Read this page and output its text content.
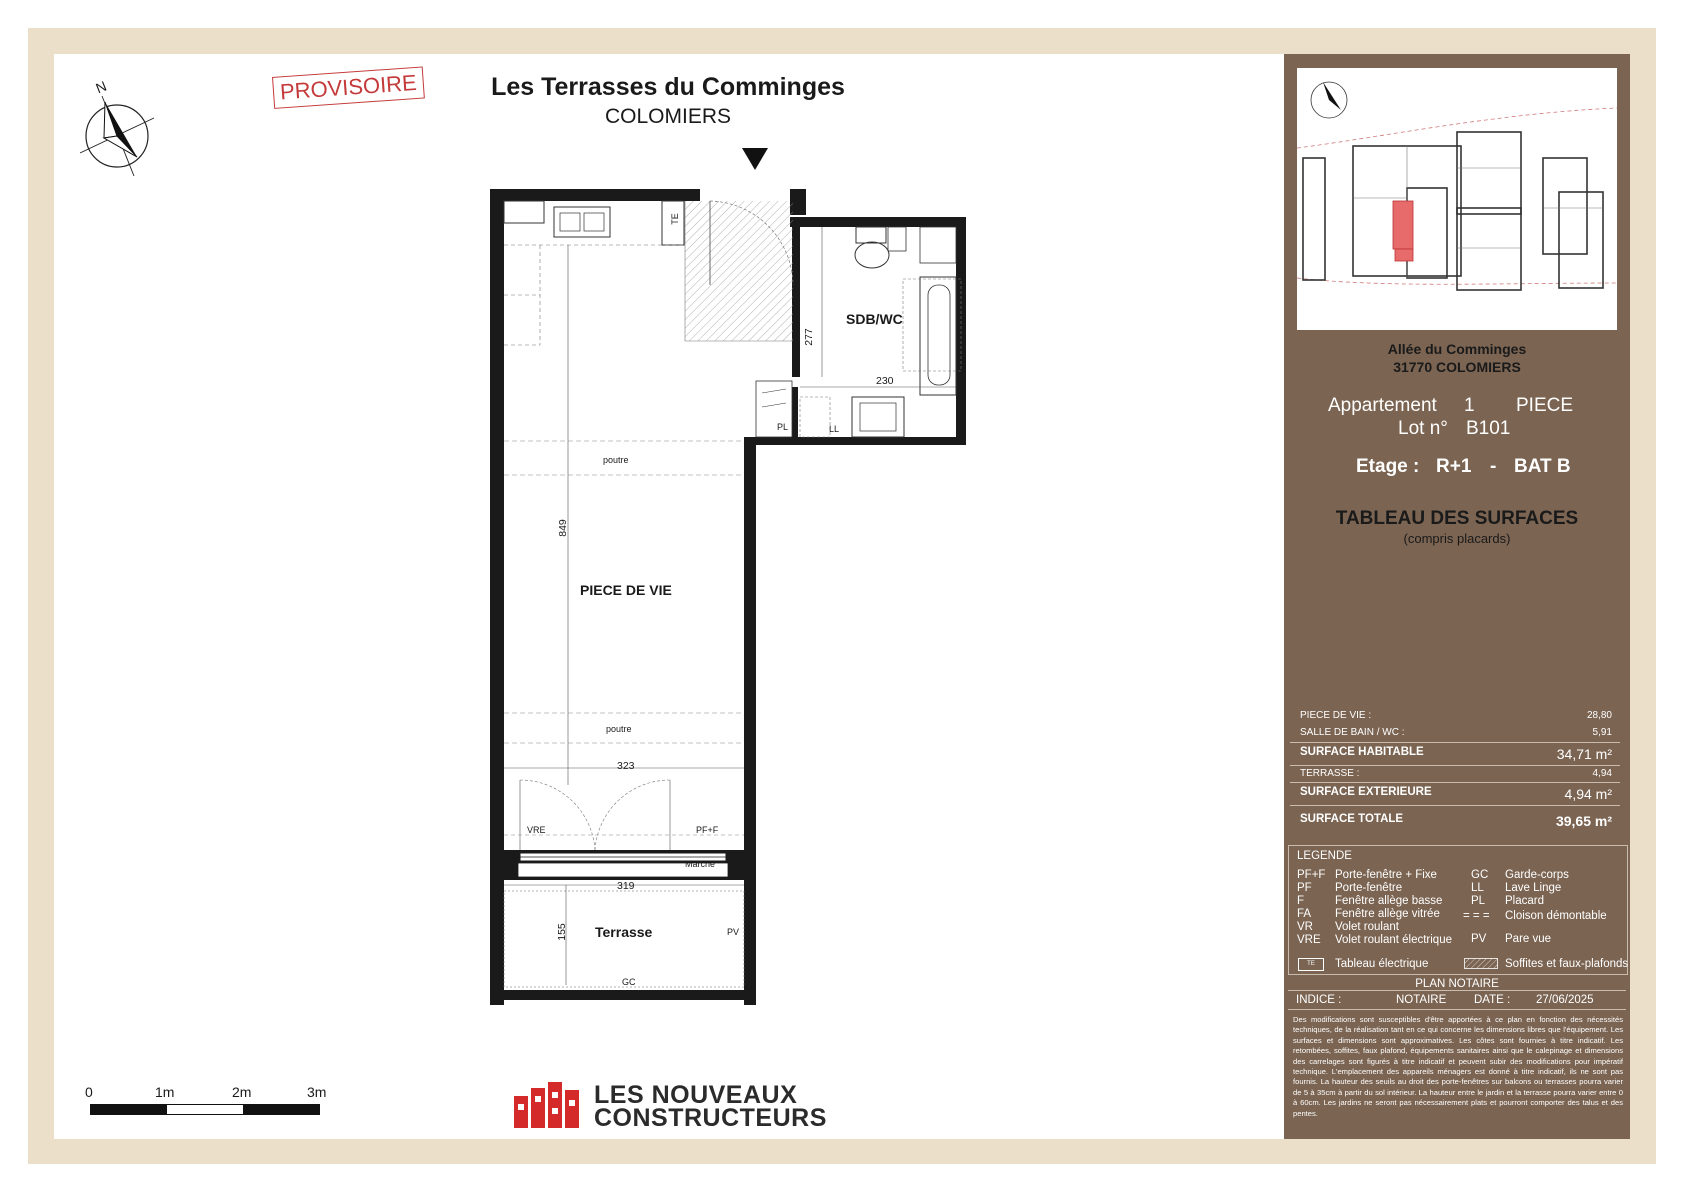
Les Terrasses du Comminges
COLOMIERS
PROVISOIRE
N
PIECE DE VIE
SDB/WC
Terrasse
TE
PL	LL
poutre
poutre
VRE	PF+F
Marche
PV
GC
277
230
849
323
319
155
0	1m	2m	3m	LES NOUVEAUX
CONSTRUCTEURS
Allée du Comminges
31770 COLOMIERS
Appartement 1 PIECE
Lot n° B101
Etage : R+1 - BAT B
TABLEAU DES SURFACES
(compris placards)
PIECE DE VIE :	28,80
SALLE DE BAIN / WC :	5,91
SURFACE HABITABLE	34,71 m²
TERRASSE :	4,94
SURFACE EXTERIEURE	4,94 m²
SURFACE TOTALE	39,65 m²
LEGENDE
PF+F Porte-fenêtre + Fixe
PF Porte-fenêtre
F	Fenêtre allège basse
FA Fenêtre allège vitrée
VR Volet roulant
VRE Volet roulant électrique
GC Garde-corps
LL Lave Linge
PL Placard
= = = Cloison démontable
PV Pare vue
TE	Tableau électrique	Soffites et faux-plafonds
PLAN NOTAIRE
INDICE :	NOTAIRE DATE : 27/06/2025
Des modifications sont susceptibles d'être apportées à ce plan en fonction des nécessités techniques, de la réalisation tant en ce qui concerne les dimensions libres que l'équipement. Les surfaces et dimensions sont approximatives. Les côtes sont fournies à titre indicatif. Les retombées, soffites, faux plafond, équipements sanitaires ainsi que le calepinage et dimensions des carrelages sont figurés à titre indicatif et peuvent subir des modifications pour impératif technique. L'emplacement des appareils ménagers est donné à titre indicatif, ils ne sont pas fournis. La hauteur des seuils au droit des porte-fenêtres sur balcons ou terrasses pourra varier de 5 à 35cm à partir du sol intérieur. La hauteur entre le jardin et la terrasse pourra varier entre 0 à 60cm. Les jardins ne seront pas nécessairement plats et pourront comporter des talus et des pentes.
